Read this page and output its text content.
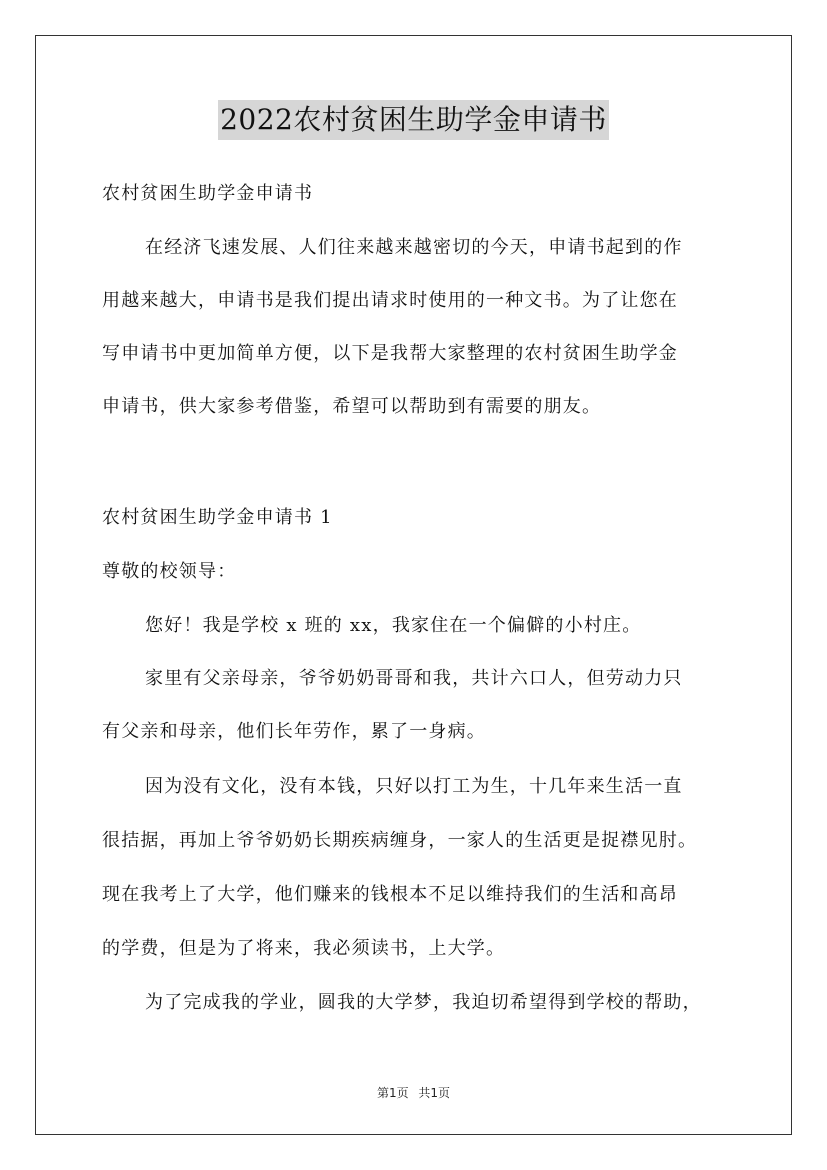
2022农村贫困生助学金申请书

农村贫困生助学金申请书

在经济飞速发展、人们往来越来越密切的今天，申请书起到的作

用越来越大，申请书是我们提出请求时使用的一种文书。为了让您在

写申请书中更加简单方便，以下是我帮大家整理的农村贫困生助学金

申请书，供大家参考借鉴，希望可以帮助到有需要的朋友。

农村贫困生助学金申请书 1

尊敬的校领导：

您好！我是学校 x 班的 xx，我家住在一个偏僻的小村庄。

家里有父亲母亲，爷爷奶奶哥哥和我，共计六口人，但劳动力只

有父亲和母亲，他们长年劳作，累了一身病。

因为没有文化，没有本钱，只好以打工为生，十几年来生活一直

很拮据，再加上爷爷奶奶长期疾病缠身，一家人的生活更是捉襟见肘。

现在我考上了大学，他们赚来的钱根本不足以维持我们的生活和高昂

的学费，但是为了将来，我必须读书，上大学。

为了完成我的学业，圆我的大学梦，我迫切希望得到学校的帮助，

第1页 共1页
